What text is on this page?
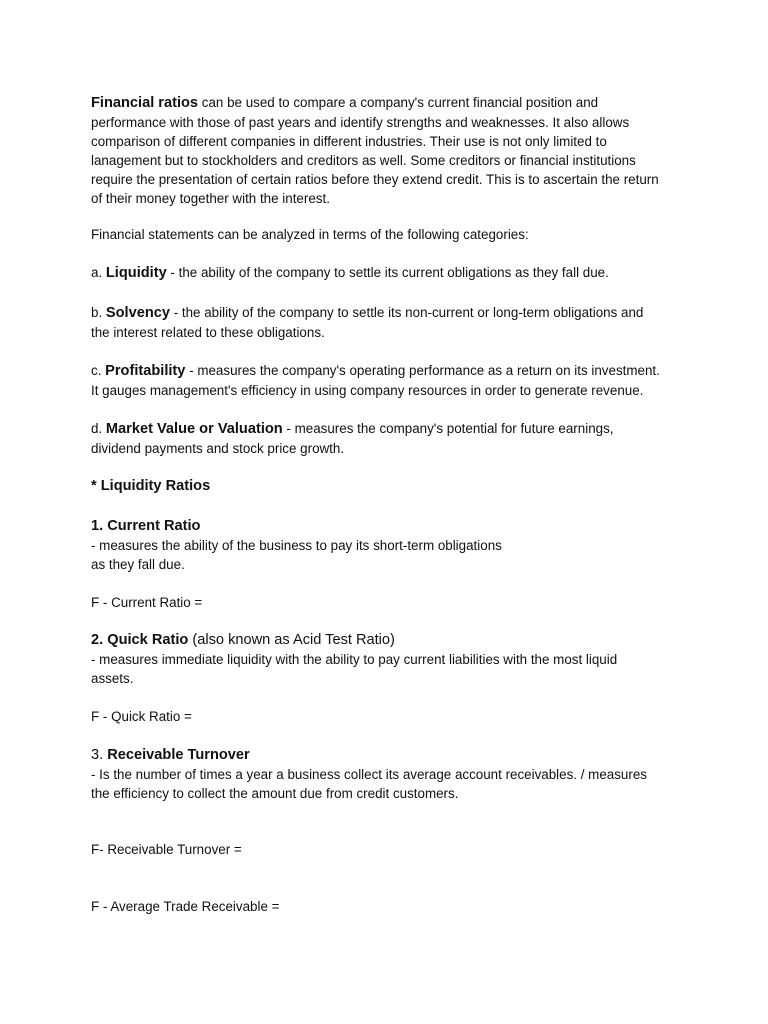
Financial ratios can be used to compare a company's current financial position and
performance with those of past years and identify strengths and weaknesses. It also allows
comparison of different companies in different industries. Their use is not only limited to
lanagement but to stockholders and creditors as well. Some creditors or financial institutions
require the presentation of certain ratios before they extend credit. This is to ascertain the return
of their money together with the interest.
Financial statements can be analyzed in terms of the following categories:
a. Liquidity - the ability of the company to settle its current obligations as they fall due.
b. Solvency - the ability of the company to settle its non-current or long-term obligations and
the interest related to these obligations.
c. Profitability - measures the company's operating performance as a return on its investment.
It gauges management's efficiency in using company resources in order to generate revenue.
d. Market Value or Valuation - measures the company's potential for future earnings,
dividend payments and stock price growth.
* Liquidity Ratios
1. Current Ratio
- measures the ability of the business to pay its short-term obligations
as they fall due.
F - Current Ratio =
2. Quick Ratio (also known as Acid Test Ratio)
- measures immediate liquidity with the ability to pay current liabilities with the most liquid
assets.
F - Quick Ratio =
3. Receivable Turnover
- Is the number of times a year a business collect its average account receivables. / measures
the efficiency to collect the amount due from credit customers.
F- Receivable Turnover =
F - Average Trade Receivable =
